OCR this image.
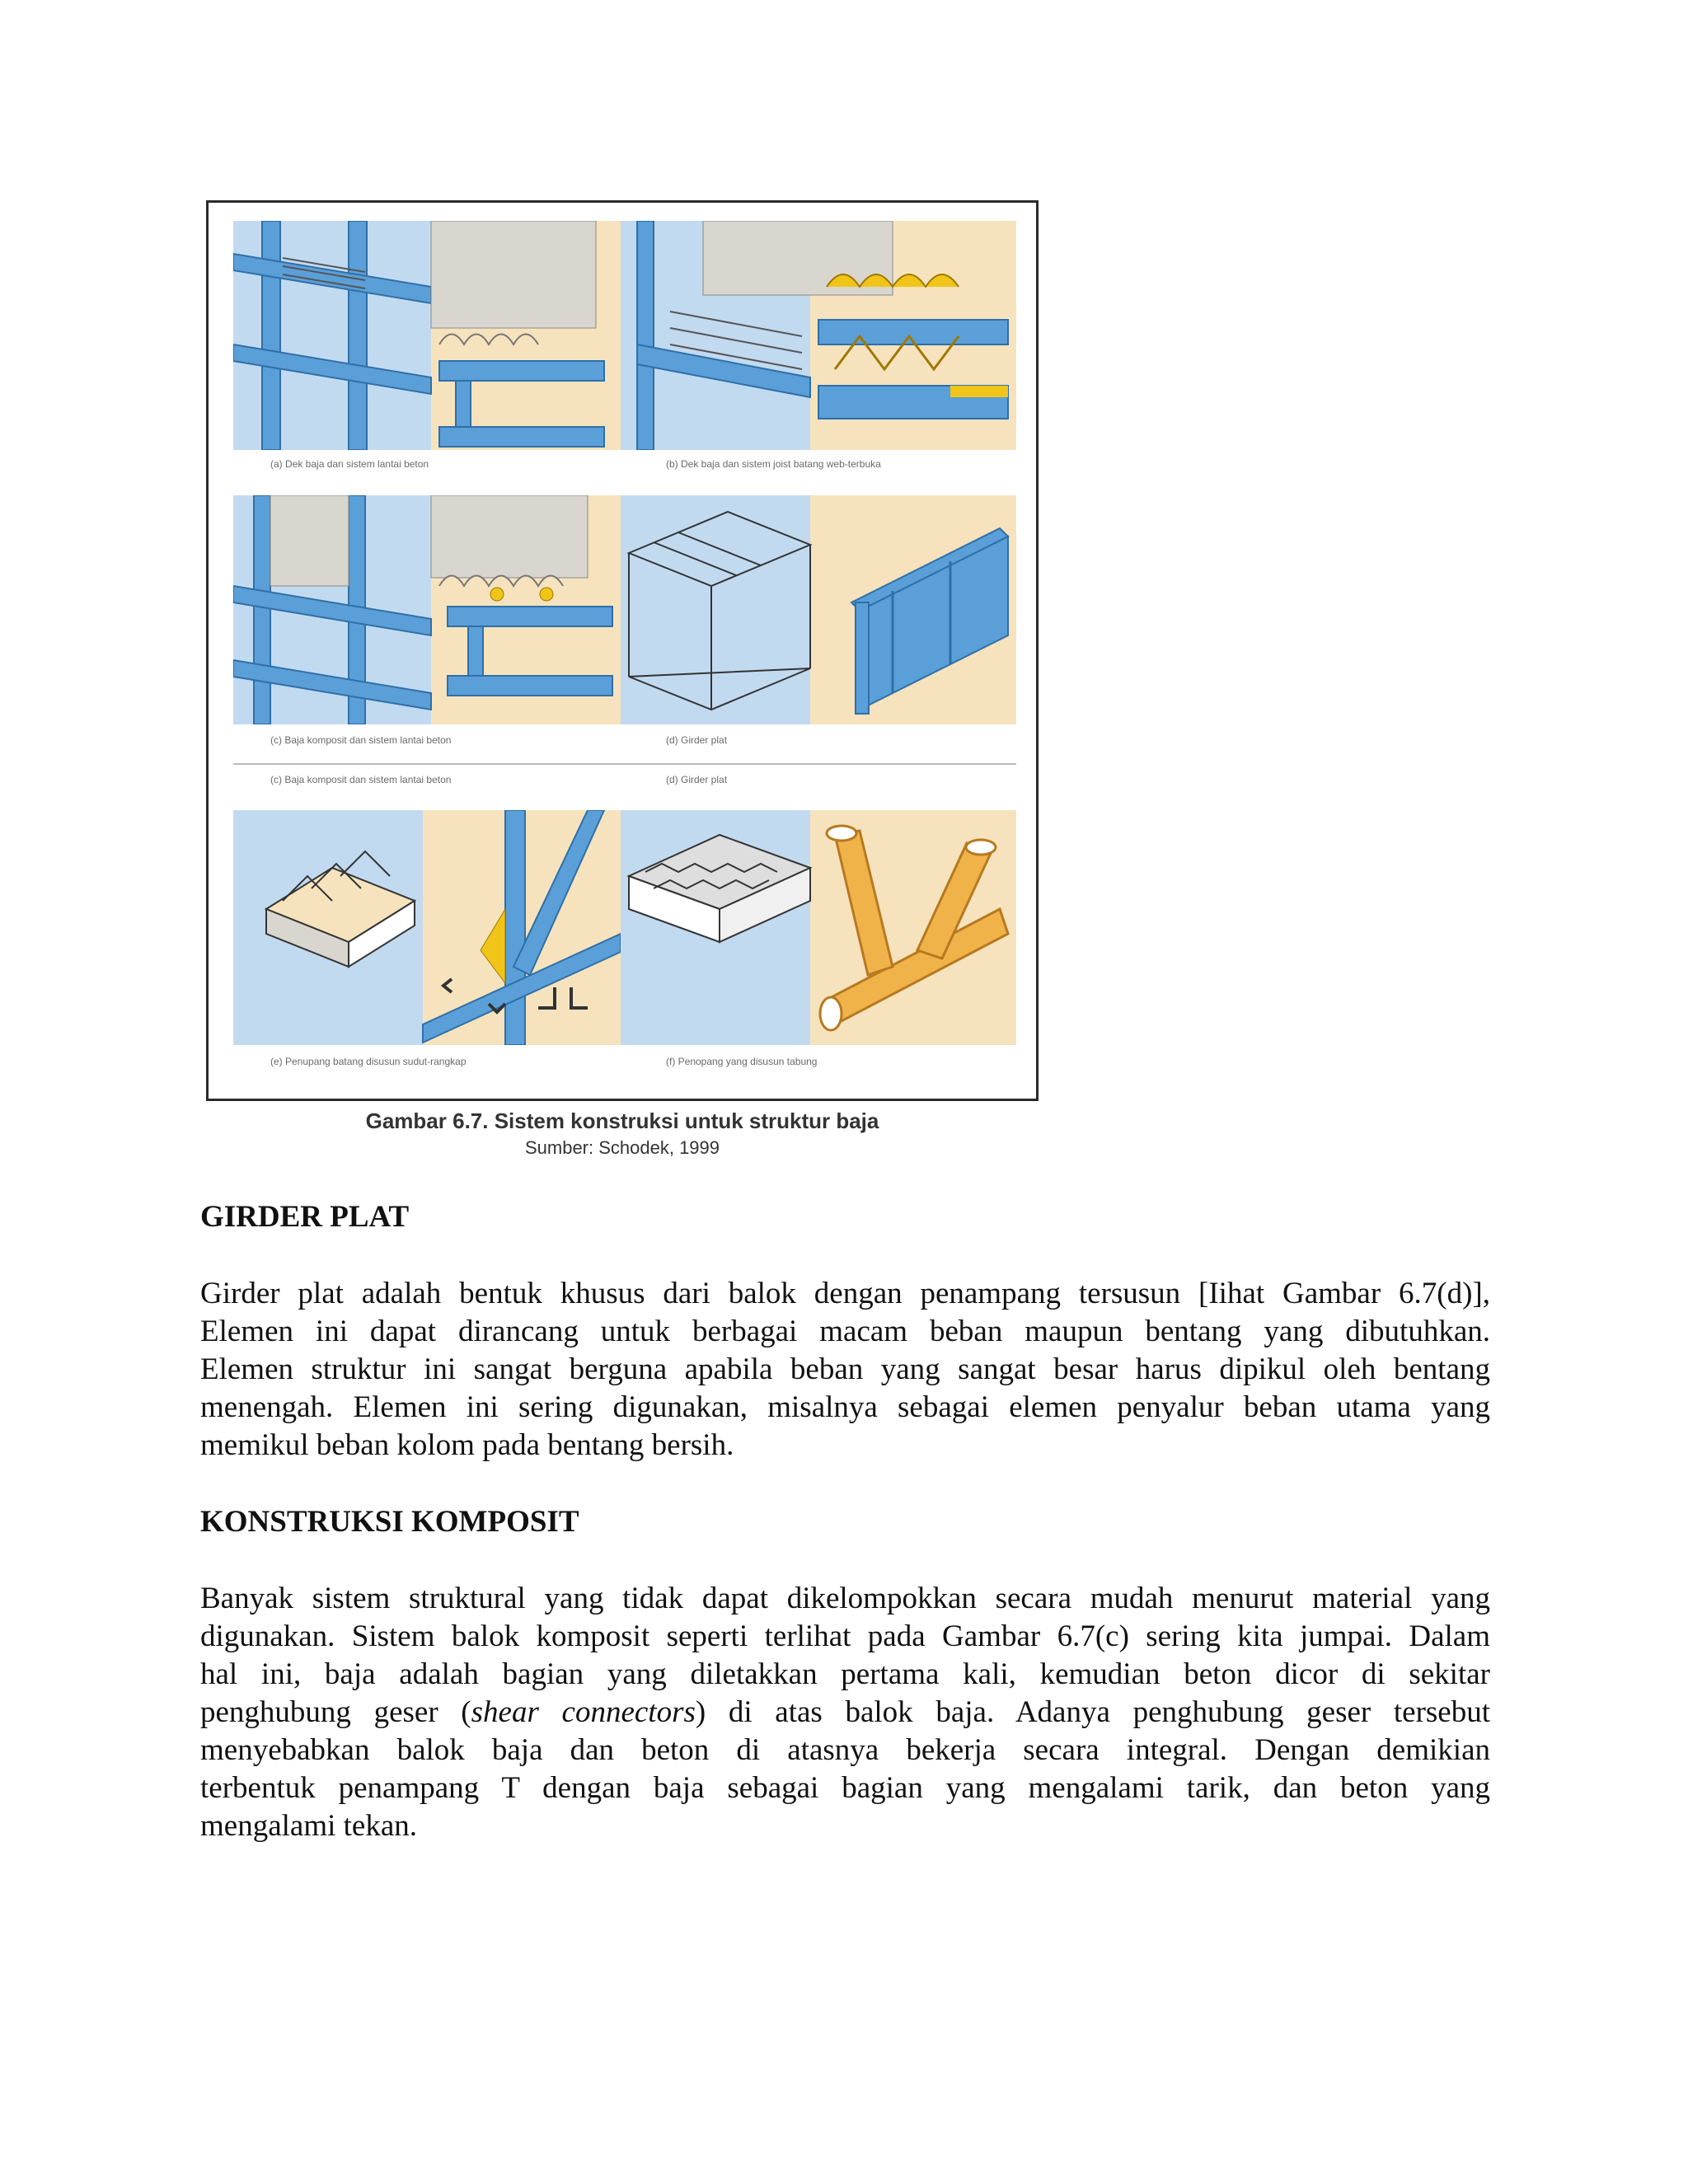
(a) Dek baja dan sistem lantai beton	(b) Dek baja dan sistem joist batang web-terbuka
(c) Baja komposit dan sistem lantai beton	(d) Girder plat
(c) Baja komposit dan sistem lantai beton	(d) Girder plat
(e) Penupang batang disusun sudut-rangkap	(f) Penopang yang disusun tabung
Gambar 6.7. Sistem konstruksi untuk struktur baja
Sumber: Schodek, 1999
GIRDER PLAT

Girder plat adalah bentuk khusus dari balok dengan penampang tersusun [Iihat Gambar 6.7(d)],
Elemen ini dapat dirancang untuk berbagai macam beban maupun bentang yang dibutuhkan.
Elemen struktur ini sangat berguna apabila beban yang sangat besar harus dipikul oleh bentang
menengah. Elemen ini sering digunakan, misalnya sebagai elemen penyalur beban utama yang
memikul beban kolom pada bentang bersih.

KONSTRUKSI KOMPOSIT

Banyak sistem struktural yang tidak dapat dikelompokkan secara mudah menurut material yang
digunakan. Sistem balok komposit seperti terlihat pada Gambar 6.7(c) sering kita jumpai. Dalam
hal ini, baja adalah bagian yang diletakkan pertama kali, kemudian beton dicor di sekitar
penghubung geser (shear connectors) di atas balok baja. Adanya penghubung geser tersebut
menyebabkan balok baja dan beton di atasnya bekerja secara integral. Dengan demikian
terbentuk penampang T dengan baja sebagai bagian yang mengalami tarik, dan beton yang
mengalami tekan.
